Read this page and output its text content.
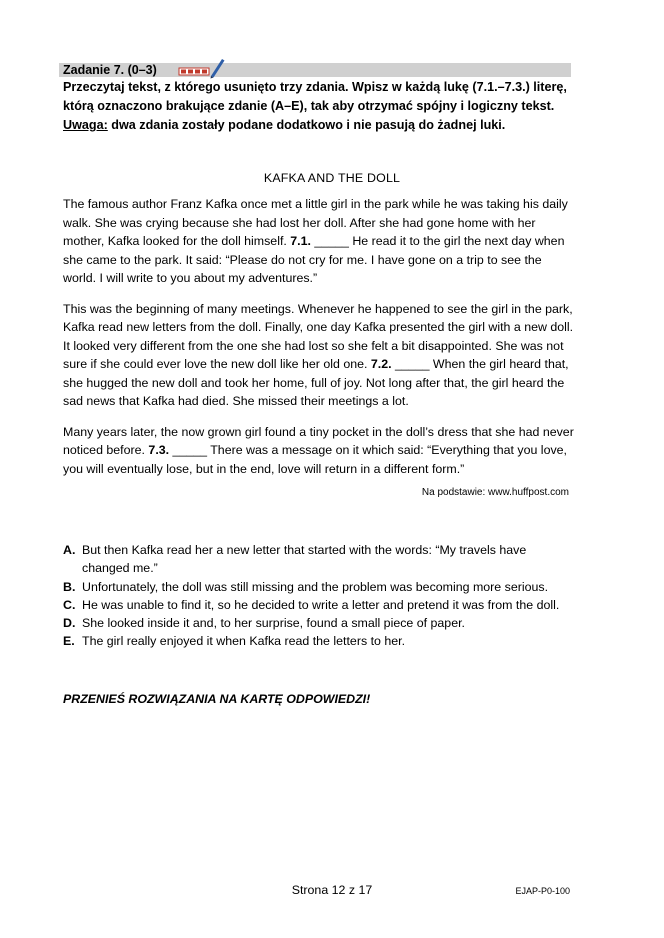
Zadanie 7. (0–3)

Przeczytaj tekst, z którego usunięto trzy zdania. Wpisz w każdą lukę (7.1.–7.3.) literę, którą oznaczono brakujące zdanie (A–E), tak aby otrzymać spójny i logiczny tekst.

Uwaga: dwa zdania zostały podane dodatkowo i nie pasują do żadnej luki.

KAFKA AND THE DOLL

The famous author Franz Kafka once met a little girl in the park while he was taking his daily walk. She was crying because she had lost her doll. After she had gone home with her mother, Kafka looked for the doll himself. 7.1. _____ He read it to the girl the next day when she came to the park. It said: “Please do not cry for me. I have gone on a trip to see the world. I will write to you about my adventures.”

This was the beginning of many meetings. Whenever he happened to see the girl in the park, Kafka read new letters from the doll. Finally, one day Kafka presented the girl with a new doll. It looked very different from the one she had lost so she felt a bit disappointed. She was not sure if she could ever love the new doll like her old one. 7.2. _____ When the girl heard that, she hugged the new doll and took her home, full of joy. Not long after that, the girl heard the sad news that Kafka had died. She missed their meetings a lot.

Many years later, the now grown girl found a tiny pocket in the doll’s dress that she had never noticed before. 7.3. _____ There was a message on it which said: “Everything that you love, you will eventually lose, but in the end, love will return in a different form.”

Na podstawie: www.huffpost.com
A. But then Kafka read her a new letter that started with the words: “My travels have changed me.”
B. Unfortunately, the doll was still missing and the problem was becoming more serious.
C. He was unable to find it, so he decided to write a letter and pretend it was from the doll.
D. She looked inside it and, to her surprise, found a small piece of paper.
E. The girl really enjoyed it when Kafka read the letters to her.
PRZENIEŚ ROZWIĄZANIA NA KARTĘ ODPOWIEDZI!
Strona 12 z 17	EJAP-P0-100
